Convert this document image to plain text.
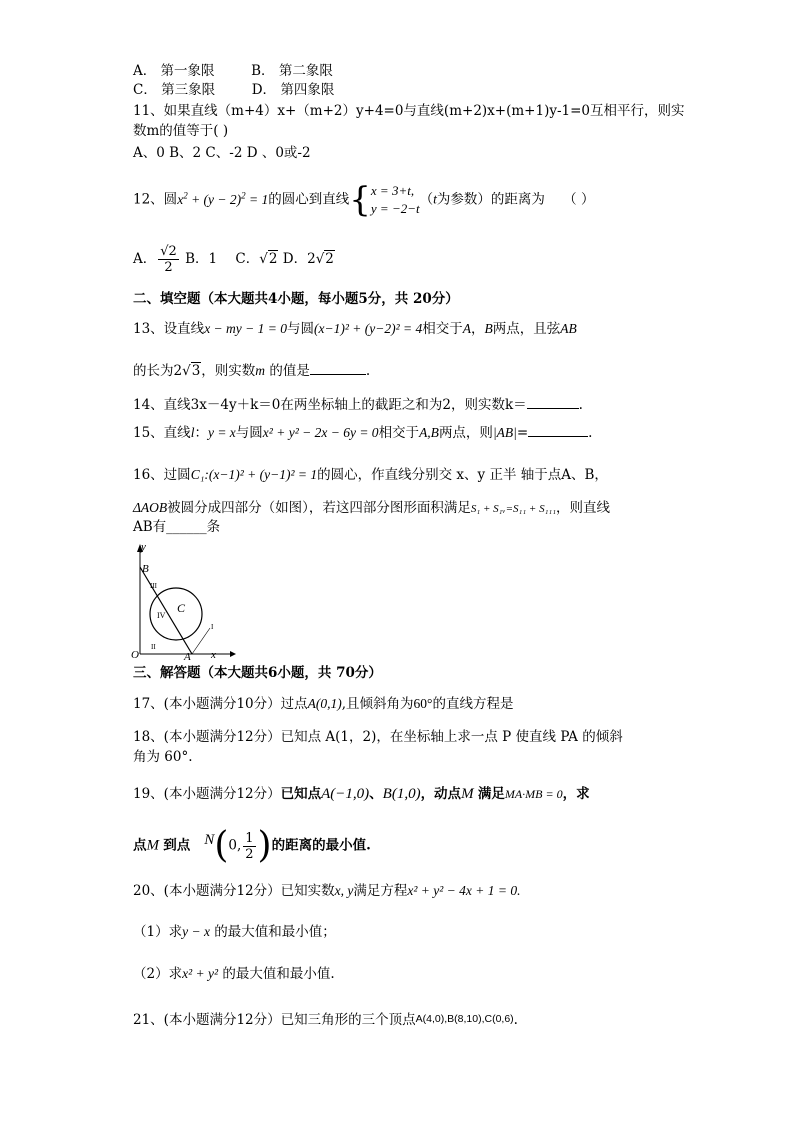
A． 第一象限	B． 第二象限
C． 第三象限	D． 第四象限
11、如果直线（m+4）x+（m+2）y+4=0与直线(m+2)x+(m+1)y-1=0互相平行，则实
数m的值等于( )
A、0 B、2 C、-2 D 、0或-2
12、圆$x^2 + (y - 2)^2 = 1$的圆心到直线{ x = 3+t,
y = −2−t
（t为参数）的距离为 （ ）
A． $\frac{√2}{2}$ B．1 C．√2 D．2√2
二、填空题（本大题共4小题，每小题5分，共 20分）
13、设直线x − my − 1 = 0与圆(x−1)² + (y−2)² = 4相交于A，B两点，且弦AB
的长为2√3，则实数m 的值是	.
14、直线3x－4y＋k＝0在两坐标轴上的截距之和为2，则实数k＝	.
15、直线l：y = x与圆x² + y² − 2x − 6y = 0相交于A,B两点，则|AB|=	.
16、过圆C₁:(x−1)² + (y−1)² = 1的圆心，作直线分别交 x、y 正半 轴于点A、B，
ΔAOB被圆分成四部分（如图），若这四部分图形面积满足S₁ + S₁ᵥ=S₁₁ + S₁₁₁，则直线
AB有______条
y
O	x
A
B
C
III
IV
II
I
三、解答题（本大题共6小题，共 70分）
17、(本小题满分10分）过点A(0,1),且倾斜角为60°的直线方程是
18、(本小题满分12分）已知点 A(1，2)，在坐标轴上求一点 P 使直线 PA 的倾斜
角为 60°.
19、(本小题满分12分）已知点A(−1,0)、B(1,0)，动点M 满足MA·MB = 0，求
点M 到点 N(0, $\frac{1}{2}$ )的距离的最小值.
20、(本小题满分12分）已知实数x, y满足方程x² + y² − 4x + 1 = 0.
（1）求y − x 的最大值和最小值；
（2）求x² + y² 的最大值和最小值.
21、(本小题满分12分）已知三角形的三个顶点A(4,0),B(8,10),C(0,6).
